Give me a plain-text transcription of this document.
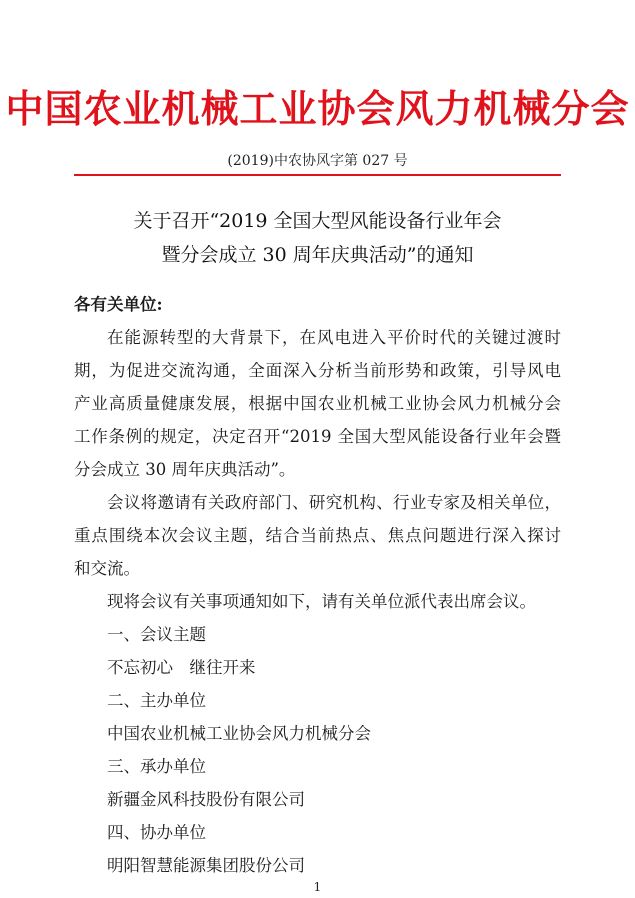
中国农业机械工业协会风力机械分会
(2019)中农协风字第 027 号
关于召开“2019 全国大型风能设备行业年会
暨分会成立 30 周年庆典活动”的通知
各有关单位:
在能源转型的大背景下，在风电进入平价时代的关键过渡时
期，为促进交流沟通，全面深入分析当前形势和政策，引导风电
产业高质量健康发展，根据中国农业机械工业协会风力机械分会
工作条例的规定，决定召开“2019 全国大型风能设备行业年会暨
分会成立 30 周年庆典活动”。
会议将邀请有关政府部门、研究机构、行业专家及相关单位，
重点围绕本次会议主题，结合当前热点、焦点问题进行深入探讨
和交流。
现将会议有关事项通知如下，请有关单位派代表出席会议。
一、会议主题
不忘初心　继往开来
二、主办单位
中国农业机械工业协会风力机械分会
三、承办单位
新疆金风科技股份有限公司
四、协办单位
明阳智慧能源集团股份公司
1
